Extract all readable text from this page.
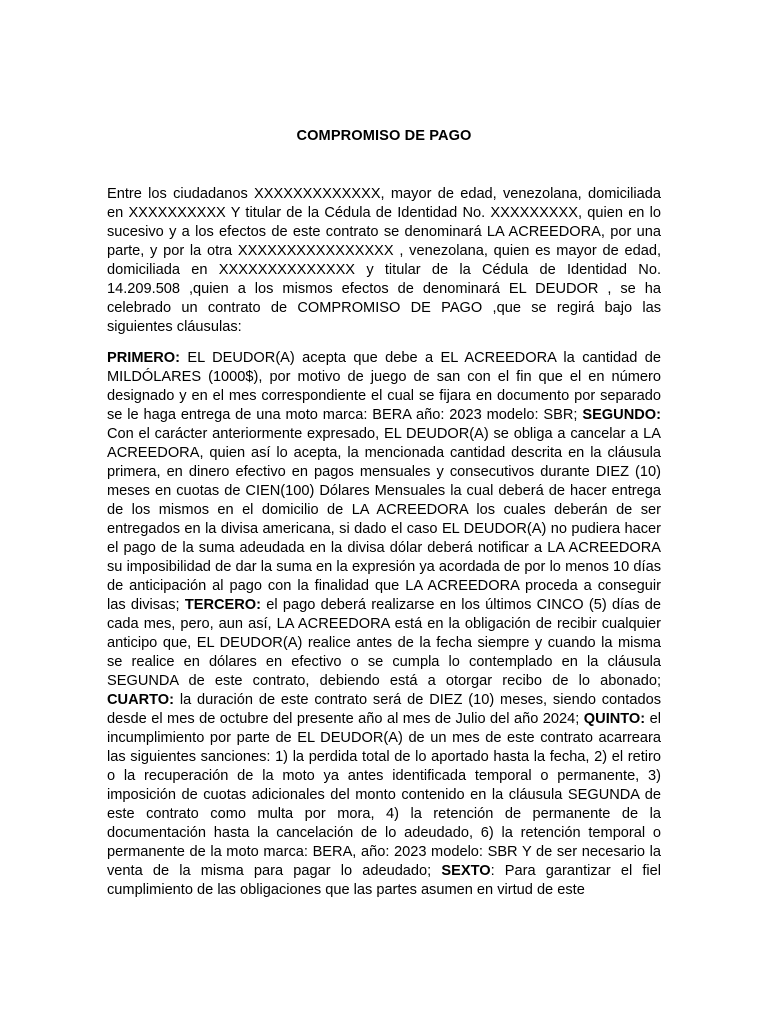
COMPROMISO DE PAGO

Entre los ciudadanos XXXXXXXXXXXXX, mayor de edad, venezolana, domiciliada en XXXXXXXXXX Y titular de la Cédula de Identidad No. XXXXXXXXX, quien en lo sucesivo y a los efectos de este contrato se denominará LA ACREEDORA, por una parte, y por la otra XXXXXXXXXXXXXXXX , venezolana, quien es mayor de edad, domiciliada en XXXXXXXXXXXXXX y titular de la Cédula de Identidad No. 14.209.508 ,quien a los mismos efectos de denominará EL DEUDOR , se ha celebrado un contrato de COMPROMISO DE PAGO ,que se regirá bajo las siguientes cláusulas:

PRIMERO: EL DEUDOR(A) acepta que debe a EL ACREEDORA la cantidad de MILDÓLARES (1000$), por motivo de juego de san con el fin que el en número designado y en el mes correspondiente el cual se fijara en documento por separado se le haga entrega de una moto marca: BERA año: 2023 modelo: SBR; SEGUNDO: Con el carácter anteriormente expresado, EL DEUDOR(A) se obliga a cancelar a LA ACREEDORA, quien así lo acepta, la mencionada cantidad descrita en la cláusula primera, en dinero efectivo en pagos mensuales y consecutivos durante DIEZ (10) meses en cuotas de CIEN(100) Dólares Mensuales la cual deberá de hacer entrega de los mismos en el domicilio de LA ACREEDORA los cuales deberán de ser entregados en la divisa americana, si dado el caso EL DEUDOR(A) no pudiera hacer el pago de la suma adeudada en la divisa dólar deberá notificar a LA ACREEDORA su imposibilidad de dar la suma en la expresión ya acordada de por lo menos 10 días de anticipación al pago con la finalidad que LA ACREEDORA proceda a conseguir las divisas; TERCERO: el pago deberá realizarse en los últimos CINCO (5) días de cada mes, pero, aun así, LA ACREEDORA está en la obligación de recibir cualquier anticipo que, EL DEUDOR(A) realice antes de la fecha siempre y cuando la misma se realice en dólares en efectivo o se cumpla lo contemplado en la cláusula SEGUNDA de este contrato, debiendo está a otorgar recibo de lo abonado; CUARTO: la duración de este contrato será de DIEZ (10) meses, siendo contados desde el mes de octubre del presente año al mes de Julio del año 2024; QUINTO: el incumplimiento por parte de EL DEUDOR(A) de un mes de este contrato acarreara las siguientes sanciones: 1) la perdida total de lo aportado hasta la fecha, 2) el retiro o la recuperación de la moto ya antes identificada temporal o permanente, 3) imposición de cuotas adicionales del monto contenido en la cláusula SEGUNDA de este contrato como multa por mora, 4) la retención de permanente de la documentación hasta la cancelación de lo adeudado, 6) la retención temporal o permanente de la moto marca: BERA, año: 2023 modelo: SBR Y de ser necesario la venta de la misma para pagar lo adeudado; SEXTO: Para garantizar el fiel cumplimiento de las obligaciones que las partes asumen en virtud de este
